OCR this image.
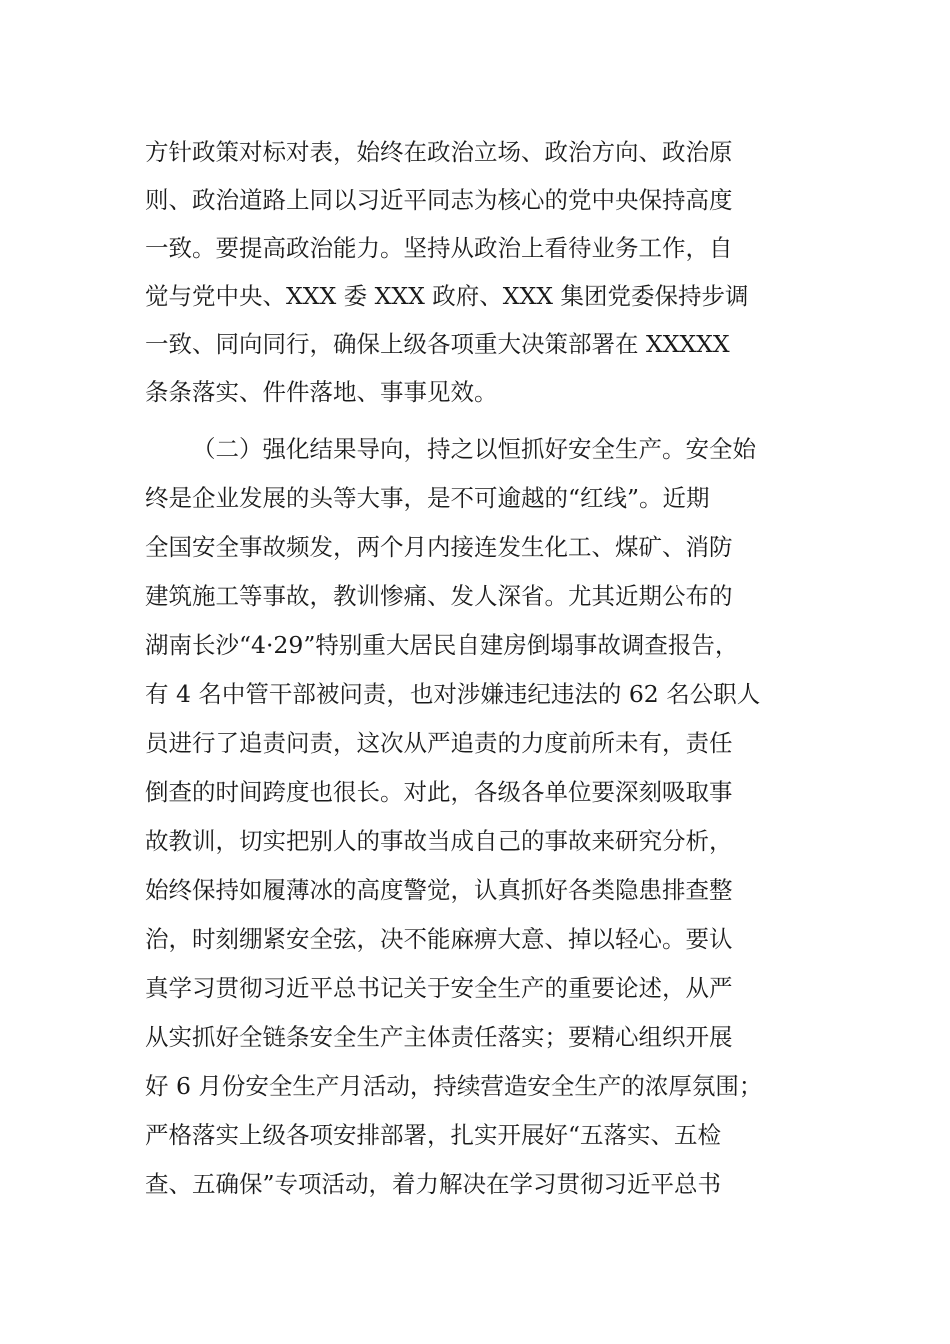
方针政策对标对表，始终在政治立场、政治方向、政治原
则、政治道路上同以习近平同志为核心的党中央保持高度
一致。要提高政治能力。坚持从政治上看待业务工作，自
觉与党中央、XXX 委 XXX 政府、XXX 集团党委保持步调
一致、同向同行，确保上级各项重大决策部署在 XXXXX
条条落实、件件落地、事事见效。
（二）强化结果导向，持之以恒抓好安全生产。安全始
终是企业发展的头等大事，是不可逾越的“红线”。近期
全国安全事故频发，两个月内接连发生化工、煤矿、消防
建筑施工等事故，教训惨痛、发人深省。尤其近期公布的
湖南长沙“4·29”特别重大居民自建房倒塌事故调查报告，
有 4 名中管干部被问责，也对涉嫌违纪违法的 62 名公职人
员进行了追责问责，这次从严追责的力度前所未有，责任
倒查的时间跨度也很长。对此，各级各单位要深刻吸取事
故教训，切实把别人的事故当成自己的事故来研究分析，
始终保持如履薄冰的高度警觉，认真抓好各类隐患排查整
治，时刻绷紧安全弦，决不能麻痹大意、掉以轻心。要认
真学习贯彻习近平总书记关于安全生产的重要论述，从严
从实抓好全链条安全生产主体责任落实；要精心组织开展
好 6 月份安全生产月活动，持续营造安全生产的浓厚氛围；
严格落实上级各项安排部署，扎实开展好“五落实、五检
查、五确保”专项活动，着力解决在学习贯彻习近平总书
